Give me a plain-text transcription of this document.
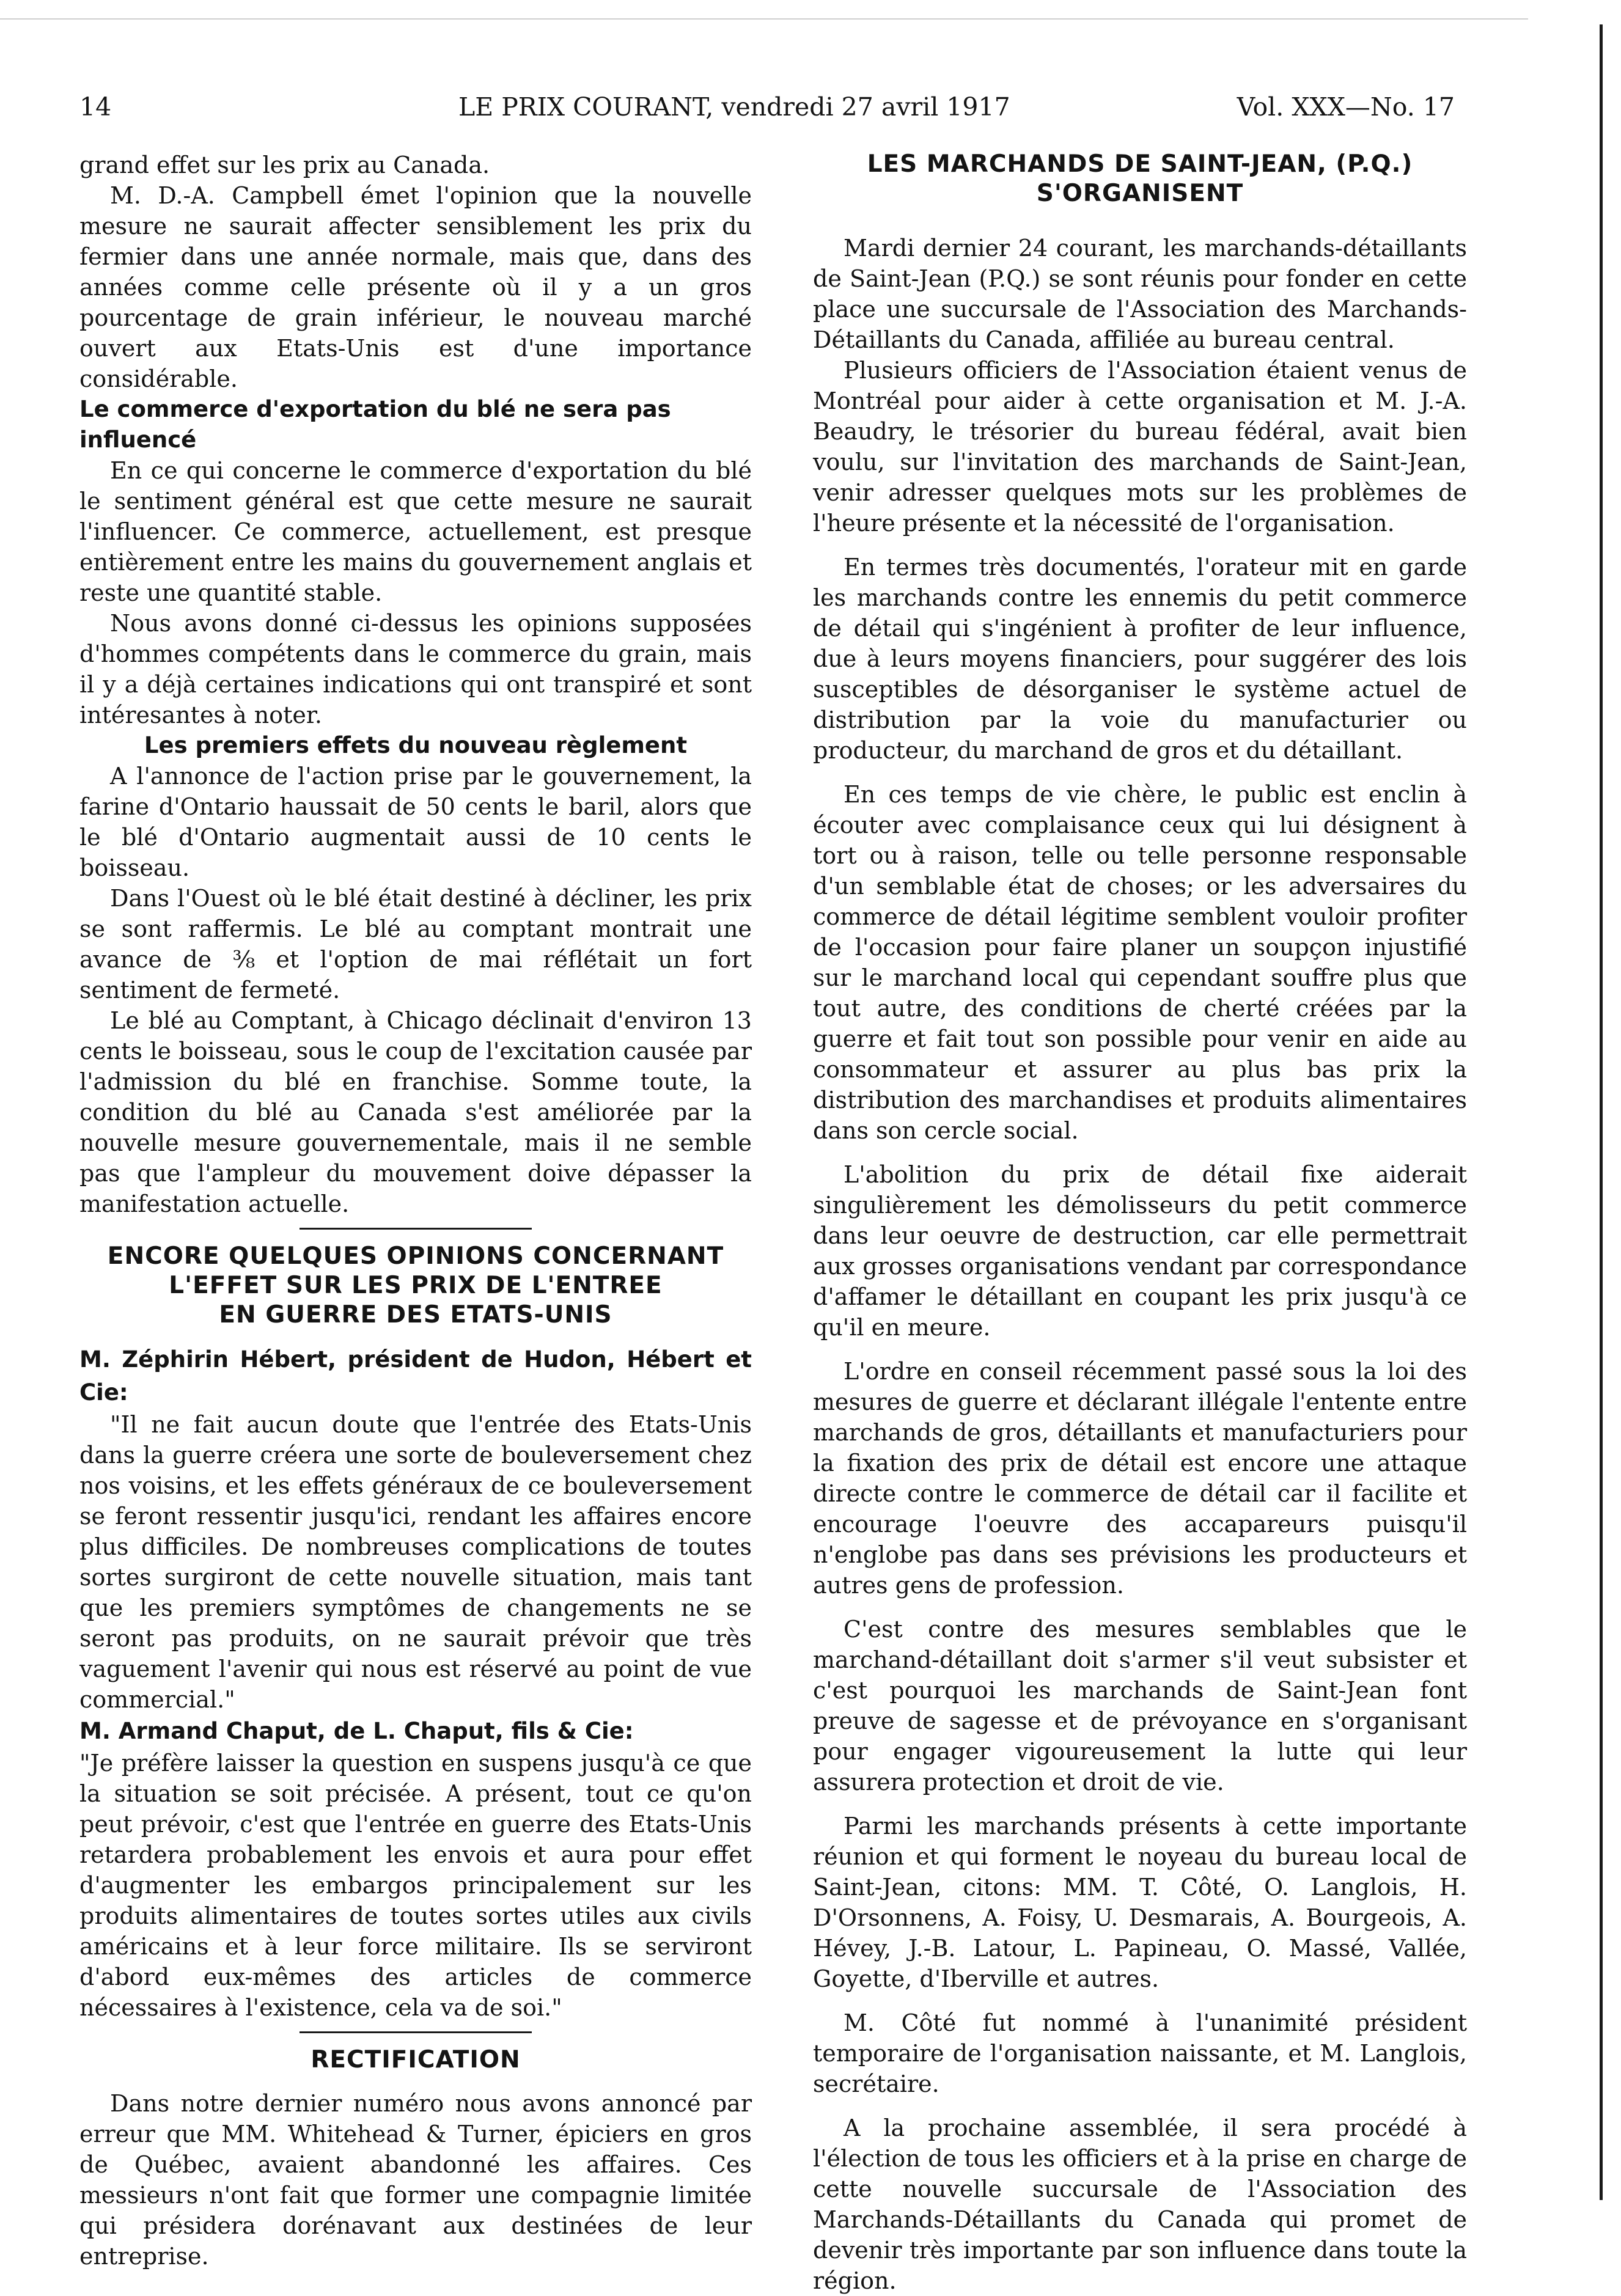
14	LE PRIX COURANT, vendredi 27 avril 1917	Vol. XXX—No. 17

grand effet sur les prix au Canada.

M. D.-A. Campbell émet l'opinion que la nouvelle mesure ne saurait affecter sensiblement les prix du fermier dans une année normale, mais que, dans des années comme celle présente où il y a un gros pourcentage de grain inférieur, le nouveau marché ouvert aux Etats-Unis est d'une importance considérable.

Le commerce d'exportation du blé ne sera pas influencé

En ce qui concerne le commerce d'exportation du blé le sentiment général est que cette mesure ne saurait l'influencer. Ce commerce, actuellement, est presque entièrement entre les mains du gouvernement anglais et reste une quantité stable.

Nous avons donné ci-dessus les opinions supposées d'hommes compétents dans le commerce du grain, mais il y a déjà certaines indications qui ont transpiré et sont intéresantes à noter.

Les premiers effets du nouveau règlement

A l'annonce de l'action prise par le gouvernement, la farine d'Ontario haussait de 50 cents le baril, alors que le blé d'Ontario augmentait aussi de 10 cents le boisseau.

Dans l'Ouest où le blé était destiné à décliner, les prix se sont raffermis. Le blé au comptant montrait une avance de ⅜ et l'option de mai réflétait un fort sentiment de fermeté.

Le blé au Comptant, à Chicago déclinait d'environ 13 cents le boisseau, sous le coup de l'excitation causée par l'admission du blé en franchise. Somme toute, la condition du blé au Canada s'est améliorée par la nouvelle mesure gouvernementale, mais il ne semble pas que l'ampleur du mouvement doive dépasser la manifestation actuelle.

ENCORE QUELQUES OPINIONS CONCERNANT
L'EFFET SUR LES PRIX DE L'ENTREE
EN GUERRE DES ETATS-UNIS
M. Zéphirin Hébert, président de Hudon, Hébert et Cie:

"Il ne fait aucun doute que l'entrée des Etats-Unis dans la guerre créera une sorte de bouleversement chez nos voisins, et les effets généraux de ce bouleversement se feront ressentir jusqu'ici, rendant les affaires encore plus difficiles. De nombreuses complications de toutes sortes surgiront de cette nouvelle situation, mais tant que les premiers symptômes de changements ne se seront pas produits, on ne saurait prévoir que très vaguement l'avenir qui nous est réservé au point de vue commercial."

M. Armand Chaput, de L. Chaput, fils & Cie:

"Je préfère laisser la question en suspens jusqu'à ce que la situation se soit précisée. A présent, tout ce qu'on peut prévoir, c'est que l'entrée en guerre des Etats-Unis retardera probablement les envois et aura pour effet d'augmenter les embargos principalement sur les produits alimentaires de toutes sortes utiles aux civils américains et à leur force militaire. Ils se serviront d'abord eux-mêmes des articles de commerce nécessaires à l'existence, cela va de soi."

RECTIFICATION

Dans notre dernier numéro nous avons annoncé par erreur que MM. Whitehead & Turner, épiciers en gros de Québec, avaient abandonné les affaires. Ces messieurs n'ont fait que former une compagnie limitée qui présidera dorénavant aux destinées de leur entreprise.

LES MARCHANDS DE SAINT-JEAN, (P.Q.)
S'ORGANISENT

Mardi dernier 24 courant, les marchands-détaillants de Saint-Jean (P.Q.) se sont réunis pour fonder en cette place une succursale de l'Association des Marchands-Détaillants du Canada, affiliée au bureau central.

Plusieurs officiers de l'Association étaient venus de Montréal pour aider à cette organisation et M. J.-A. Beaudry, le trésorier du bureau fédéral, avait bien voulu, sur l'invitation des marchands de Saint-Jean, venir adresser quelques mots sur les problèmes de l'heure présente et la nécessité de l'organisation.

En termes très documentés, l'orateur mit en garde les marchands contre les ennemis du petit commerce de détail qui s'ingénient à profiter de leur influence, due à leurs moyens financiers, pour suggérer des lois susceptibles de désorganiser le système actuel de distribution par la voie du manufacturier ou producteur, du marchand de gros et du détaillant.

En ces temps de vie chère, le public est enclin à écouter avec complaisance ceux qui lui désignent à tort ou à raison, telle ou telle personne responsable d'un semblable état de choses; or les adversaires du commerce de détail légitime semblent vouloir profiter de l'occasion pour faire planer un soupçon injustifié sur le marchand local qui cependant souffre plus que tout autre, des conditions de cherté créées par la guerre et fait tout son possible pour venir en aide au consommateur et assurer au plus bas prix la distribution des marchandises et produits alimentaires dans son cercle social.

L'abolition du prix de détail fixe aiderait singulièrement les démolisseurs du petit commerce dans leur oeuvre de destruction, car elle permettrait aux grosses organisations vendant par correspondance d'affamer le détaillant en coupant les prix jusqu'à ce qu'il en meure.

L'ordre en conseil récemment passé sous la loi des mesures de guerre et déclarant illégale l'entente entre marchands de gros, détaillants et manufacturiers pour la fixation des prix de détail est encore une attaque directe contre le commerce de détail car il facilite et encourage l'oeuvre des accapareurs puisqu'il n'englobe pas dans ses prévisions les producteurs et autres gens de profession.

C'est contre des mesures semblables que le marchand-détaillant doit s'armer s'il veut subsister et c'est pourquoi les marchands de Saint-Jean font preuve de sagesse et de prévoyance en s'organisant pour engager vigoureusement la lutte qui leur assurera protection et droit de vie.

Parmi les marchands présents à cette importante réunion et qui forment le noyeau du bureau local de Saint-Jean, citons: MM. T. Côté, O. Langlois, H. D'Orsonnens, A. Foisy, U. Desmarais, A. Bourgeois, A. Hévey, J.-B. Latour, L. Papineau, O. Massé, Vallée, Goyette, d'Iberville et autres.

M. Côté fut nommé à l'unanimité président temporaire de l'organisation naissante, et M. Langlois, secrétaire.

A la prochaine assemblée, il sera procédé à l'élection de tous les officiers et à la prise en charge de cette nouvelle succursale de l'Association des Marchands-Détaillants du Canada qui promet de devenir très importante par son influence dans toute la région.
